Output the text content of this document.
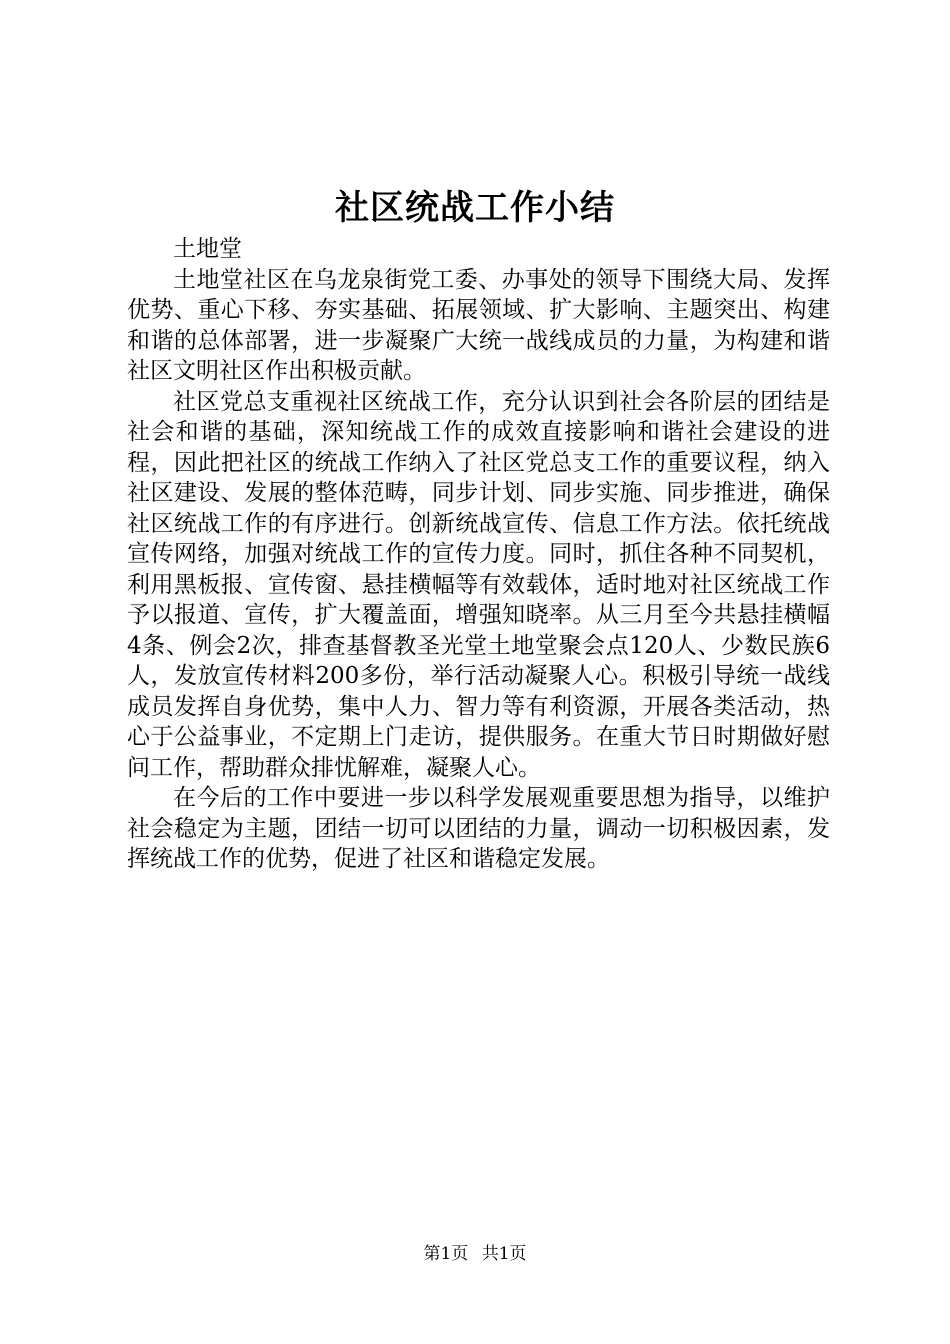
社区统战工作小结

土地堂

土地堂社区在乌龙泉街党工委、办事处的领导下围绕大局、发挥优势、重心下移、夯实基础、拓展领域、扩大影响、主题突出、构建和谐的总体部署，进一步凝聚广大统一战线成员的力量，为构建和谐社区文明社区作出积极贡献。

社区党总支重视社区统战工作，充分认识到社会各阶层的团结是社会和谐的基础，深知统战工作的成效直接影响和谐社会建设的进程，因此把社区的统战工作纳入了社区党总支工作的重要议程，纳入社区建设、发展的整体范畴，同步计划、同步实施、同步推进，确保社区统战工作的有序进行。创新统战宣传、信息工作方法。依托统战宣传网络，加强对统战工作的宣传力度。同时，抓住各种不同契机，利用黑板报、宣传窗、悬挂横幅等有效载体，适时地对社区统战工作予以报道、宣传，扩大覆盖面，增强知晓率。从三月至今共悬挂横幅4条、例会2次，排查基督教圣光堂土地堂聚会点120人、少数民族6人，发放宣传材料200多份，举行活动凝聚人心。积极引导统一战线成员发挥自身优势，集中人力、智力等有利资源，开展各类活动，热心于公益事业，不定期上门走访，提供服务。在重大节日时期做好慰问工作，帮助群众排忧解难，凝聚人心。

在今后的工作中要进一步以科学发展观重要思想为指导，以维护社会稳定为主题，团结一切可以团结的力量，调动一切积极因素，发挥统战工作的优势，促进了社区和谐稳定发展。

第1页 共1页
